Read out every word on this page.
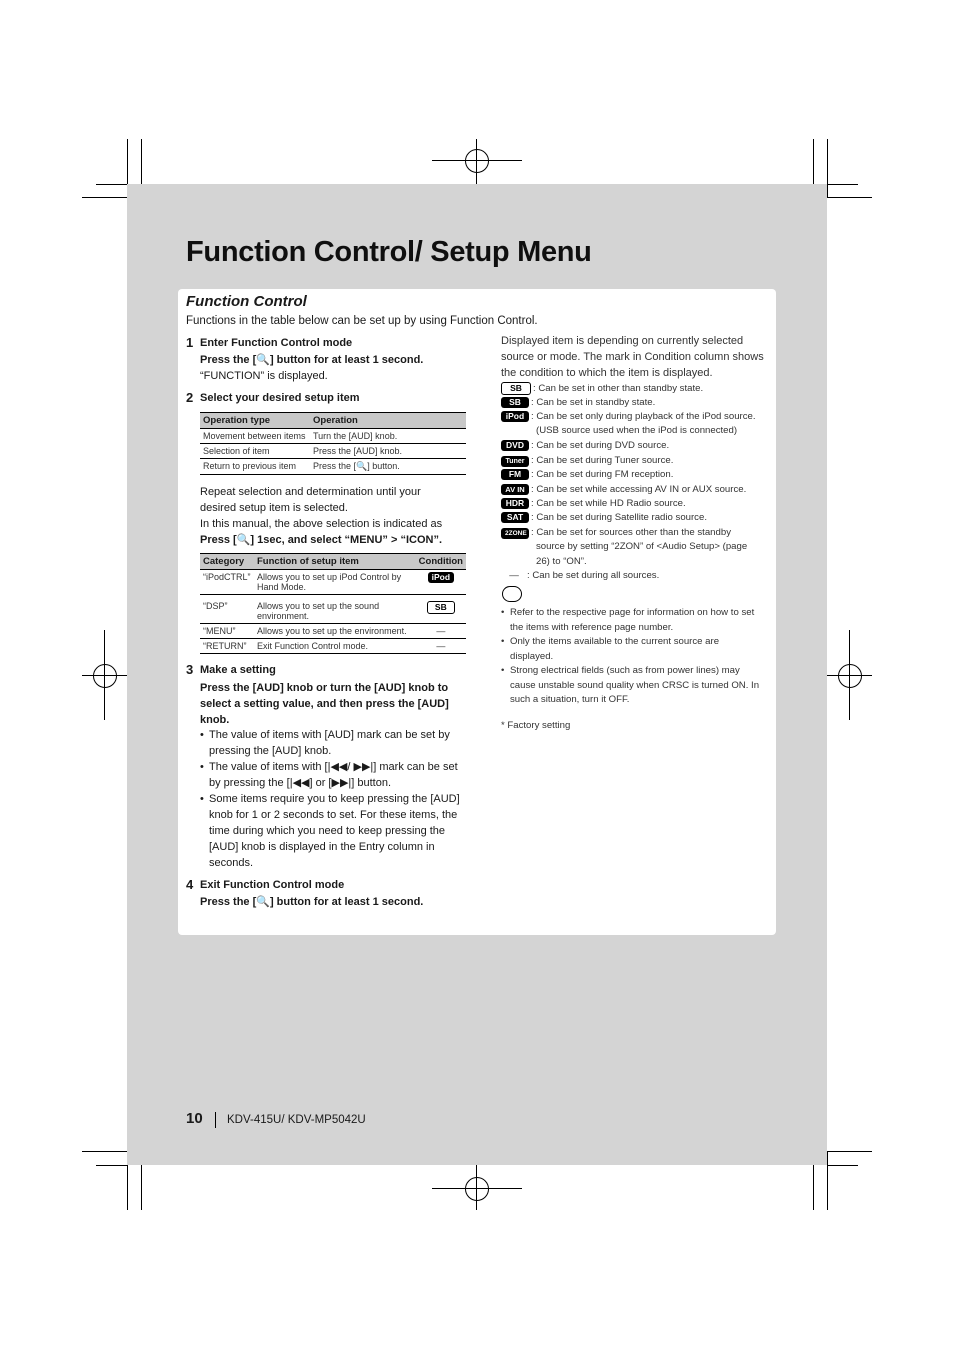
Function Control/ Setup Menu
Function Control
Functions in the table below can be set up by using Function Control.
1 Enter Function Control mode
Press the [🔍] button for at least 1 second.
“FUNCTION” is displayed.
2 Select your desired setup item
Operation type	Operation
Movement between items	Turn the [AUD] knob.
Selection of item	Press the [AUD] knob.
Return to previous item	Press the [🔍] button.
Repeat selection and determination until your
desired setup item is selected.
In this manual, the above selection is indicated as
Press [🔍] 1sec, and select “MENU” > “ICON”.
Category	Function of setup item	Condition
“iPodCTRL”	Allows you to set up iPod Control by Hand Mode.	iPod
“DSP”	Allows you to set up the sound environment.	SB
“MENU”	Allows you to set up the environment.	—
“RETURN”	Exit Function Control mode.	—
3 Make a setting
Press the [AUD] knob or turn the [AUD] knob to select a setting value, and then press the [AUD] knob.
• The value of items with [AUD] mark can be set by pressing the [AUD] knob.
• The value of items with [|◀◀/ ▶▶|] mark can be set by pressing the [|◀◀] or [▶▶|] button.
• Some items require you to keep pressing the [AUD] knob for 1 or 2 seconds to set. For these items, the time during which you need to keep pressing the [AUD] knob is displayed in the Entry column in seconds.
4 Exit Function Control mode
Press the [🔍] button for at least 1 second.
Displayed item is depending on currently selected source or mode. The mark in Condition column shows the condition to which the item is displayed.
SB : Can be set in other than standby state.
SB : Can be set in standby state.
iPod : Can be set only during playback of the iPod source.
(USB source used when the iPod is connected)
DVD : Can be set during DVD source.
Tuner : Can be set during Tuner source.
FM : Can be set during FM reception.
AV IN : Can be set while accessing AV IN or AUX source.
HDR : Can be set while HD Radio source.
SAT : Can be set during Satellite radio source.
2ZONE : Can be set for sources other than the standby
source by setting “2ZON” of <Audio Setup> (page
26) to “ON”.
— : Can be set during all sources.
• Refer to the respective page for information on how to set the items with reference page number.
• Only the items available to the current source are displayed.
• Strong electrical fields (such as from power lines) may cause unstable sound quality when CRSC is turned ON. In such a situation, turn it OFF.
* Factory setting
10 KDV-415U/ KDV-MP5042U
